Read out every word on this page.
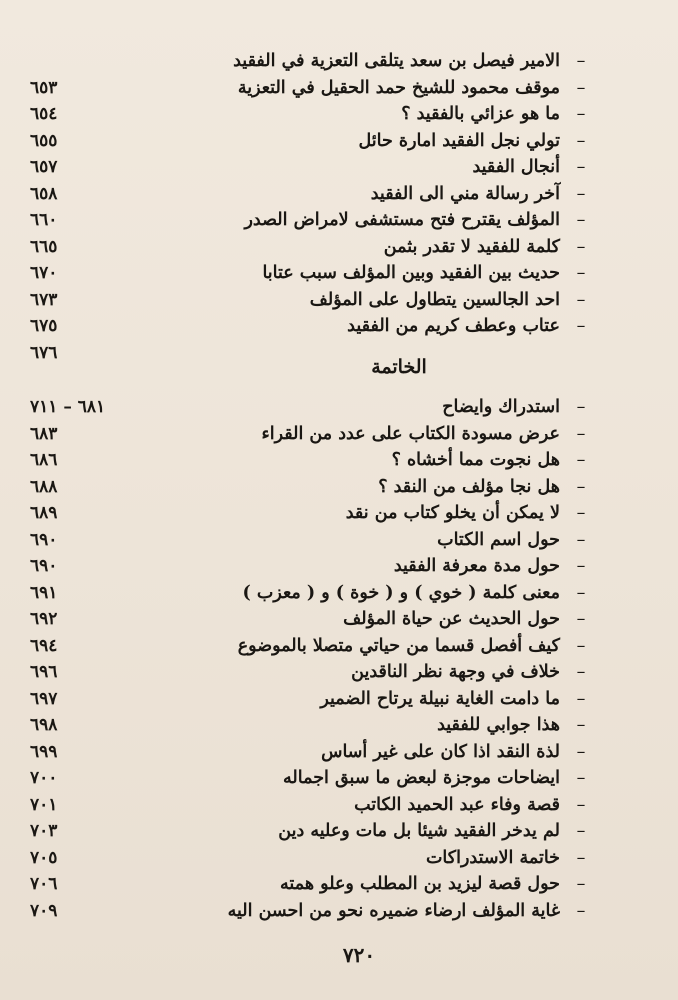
–
الامير فيصل بن سعد يتلقى التعزية في الفقيد
–
موقف محمود للشيخ حمد الحقيل في التعزية
٦٥٣
–
ما هو عزائي بالفقيد ؟
٦٥٤
–
تولي نجل الفقيد امارة حائل
٦٥٥
–
أنجال الفقيد
٦٥٧
–
آخر رسالة مني الى الفقيد
٦٥٨
–
المؤلف يقترح فتح مستشفى لامراض الصدر
٦٦٠
–
كلمة للفقيد لا تقدر بثمن
٦٦٥
–
حديث بين الفقيد وبين المؤلف سبب عتابا
٦٧٠
–
احد الجالسين يتطاول على المؤلف
٦٧٣
–
عتاب وعطف كريم من الفقيد
٦٧٥
٦٧٦
الخاتمة
–
استدراك وايضاح
٦٨١ – ٧١١
–
عرض مسودة الكتاب على عدد من القراء
٦٨٣
–
هل نجوت مما أخشاه ؟
٦٨٦
–
هل نجا مؤلف من النقد ؟
٦٨٨
–
لا يمكن أن يخلو كتاب من نقد
٦٨٩
–
حول اسم الكتاب
٦٩٠
–
حول مدة معرفة الفقيد
٦٩٠
–
معنى كلمة ( خوي ) و ( خوة ) و ( معزب )
٦٩١
–
حول الحديث عن حياة المؤلف
٦٩٢
–
كيف أفصل قسما من حياتي متصلا بالموضوع
٦٩٤
–
خلاف في وجهة نظر الناقدين
٦٩٦
–
ما دامت الغاية نبيلة يرتاح الضمير
٦٩٧
–
هذا جوابي للفقيد
٦٩٨
–
لذة النقد اذا كان على غير أساس
٦٩٩
–
ايضاحات موجزة لبعض ما سبق اجماله
٧٠٠
–
قصة وفاء عبد الحميد الكاتب
٧٠١
–
لم يدخر الفقيد شيئا بل مات وعليه دين
٧٠٣
–
خاتمة الاستدراكات
٧٠٥
–
حول قصة ليزيد بن المطلب وعلو همته
٧٠٦
–
غاية المؤلف ارضاء ضميره نحو من احسن اليه
٧٠٩
٧٢٠
